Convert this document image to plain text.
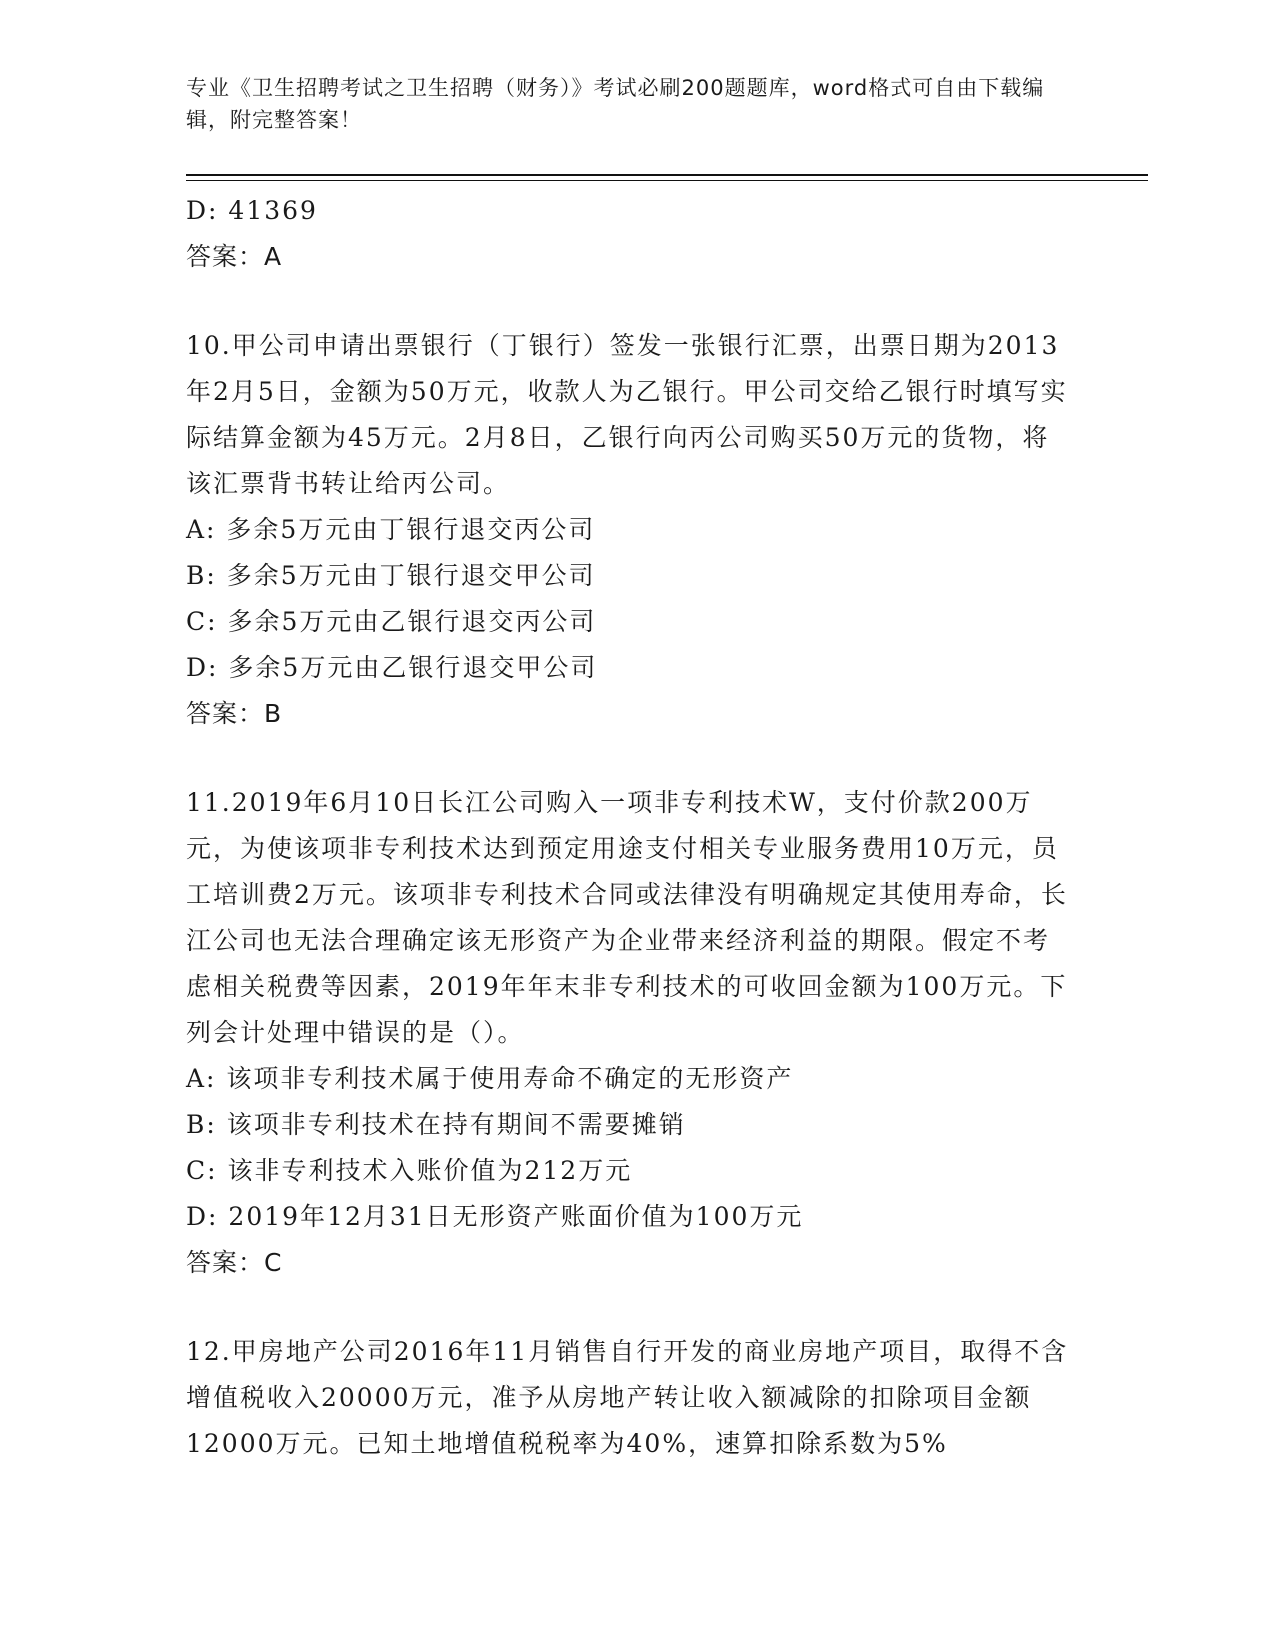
专业《卫生招聘考试之卫生招聘（财务）》考试必刷200题题库，word格式可自由下载编辑，附完整答案！
D: 41369
答案：A
10.甲公司申请出票银行（丁银行）签发一张银行汇票，出票日期为2013年2月5日，金额为50万元，收款人为乙银行。甲公司交给乙银行时填写实际结算金额为45万元。2月8日，乙银行向丙公司购买50万元的货物，将该汇票背书转让给丙公司。
A: 多余5万元由丁银行退交丙公司
B: 多余5万元由丁银行退交甲公司
C: 多余5万元由乙银行退交丙公司
D: 多余5万元由乙银行退交甲公司
答案：B
11.2019年6月10日长江公司购入一项非专利技术W，支付价款200万元，为使该项非专利技术达到预定用途支付相关专业服务费用10万元，员工培训费2万元。该项非专利技术合同或法律没有明确规定其使用寿命，长江公司也无法合理确定该无形资产为企业带来经济利益的期限。假定不考虑相关税费等因素，2019年年末非专利技术的可收回金额为100万元。下列会计处理中错误的是（）。
A: 该项非专利技术属于使用寿命不确定的无形资产
B: 该项非专利技术在持有期间不需要摊销
C: 该非专利技术入账价值为212万元
D: 2019年12月31日无形资产账面价值为100万元
答案：C
12.甲房地产公司2016年11月销售自行开发的商业房地产项目，取得不含增值税收入20000万元，准予从房地产转让收入额减除的扣除项目金额12000万元。已知土地增值税税率为40%，速算扣除系数为5%
